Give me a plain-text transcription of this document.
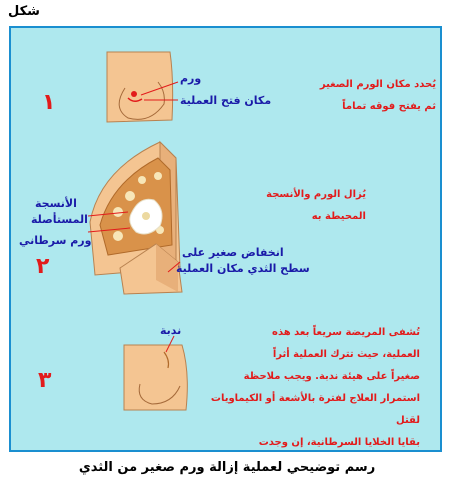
شكل
١
٢
٣
ورم
مكان فتح العملية
الأنسجة
المستأصلة
ورم سرطاني
انخفاض صغير على
سطح الثدي مكان العملية
ندبة
يُحدد مكان الورم الصغير
ثم يفتح فوقه تماماً
يُزال الورم والأنسجة
المحيطة به
تُشفى المريضة سريعاً بعد هذه
العملية، حيث تترك العملية أثراً
صغيراً على هيئة ندبة. ويجب ملاحظة
استمرار العلاج لفترة بالأشعة أو الكيماويات لقتل
بقايا الخلايا السرطانية، إن وجدت
رسم توضيحي لعملية إزالة ورم صغير من الثدي
